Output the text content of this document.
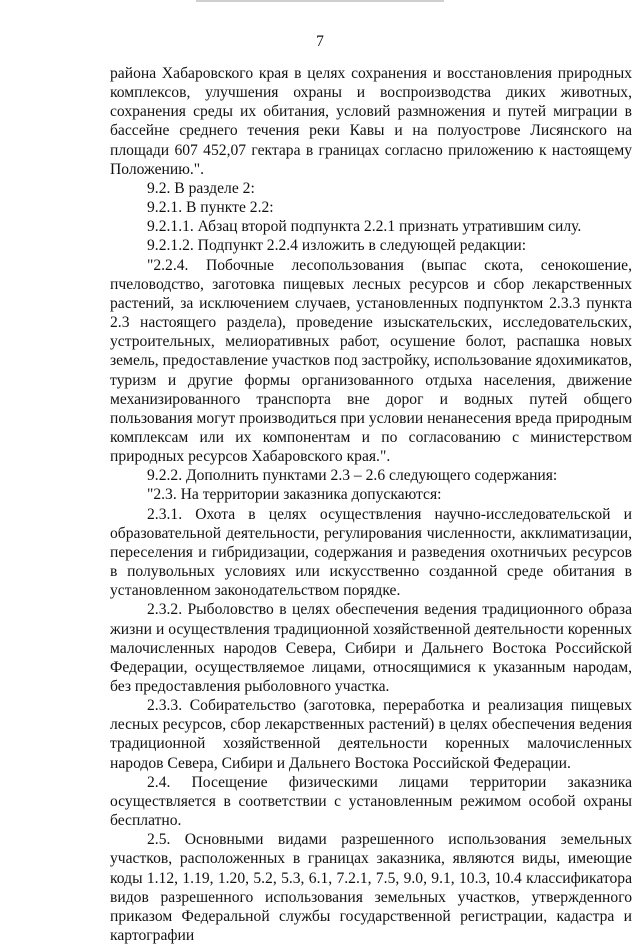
7

района Хабаровского края в целях сохранения и восстановления природных комплексов, улучшения охраны и воспроизводства диких животных, сохранения среды их обитания, условий размножения и путей миграции в бассейне среднего течения реки Кавы и на полуострове Лисянского на площади 607 452,07 гектара в границах согласно приложению к настоящему Положению.".

9.2. В разделе 2:

9.2.1. В пункте 2.2:

9.2.1.1. Абзац второй подпункта 2.2.1 признать утратившим силу.

9.2.1.2. Подпункт 2.2.4 изложить в следующей редакции:

"2.2.4. Побочные лесопользования (выпас скота, сенокошение, пчеловодство, заготовка пищевых лесных ресурсов и сбор лекарственных растений, за исключением случаев, установленных подпунктом 2.3.3 пункта 2.3 настоящего раздела), проведение изыскательских, исследовательских, устроительных, мелиоративных работ, осушение болот, распашка новых земель, предоставление участков под застройку, использование ядохимикатов, туризм и другие формы организованного отдыха населения, движение механизированного транспорта вне дорог и водных путей общего пользования могут производиться при условии ненанесения вреда природным комплексам или их компонентам и по согласованию с министерством природных ресурсов Хабаровского края.".

9.2.2. Дополнить пунктами 2.3 – 2.6 следующего содержания:

"2.3. На территории заказника допускаются:

2.3.1. Охота в целях осуществления научно-исследовательской и образовательной деятельности, регулирования численности, акклиматизации, переселения и гибридизации, содержания и разведения охотничьих ресурсов в полувольных условиях или искусственно созданной среде обитания в установленном законодательством порядке.

2.3.2. Рыболовство в целях обеспечения ведения традиционного образа жизни и осуществления традиционной хозяйственной деятельности коренных малочисленных народов Севера, Сибири и Дальнего Востока Российской Федерации, осуществляемое лицами, относящимися к указанным народам, без предоставления рыболовного участка.

2.3.3. Собирательство (заготовка, переработка и реализация пищевых лесных ресурсов, сбор лекарственных растений) в целях обеспечения ведения традиционной хозяйственной деятельности коренных малочисленных народов Севера, Сибири и Дальнего Востока Российской Федерации.

2.4. Посещение физическими лицами территории заказника осуществляется в соответствии с установленным режимом особой охраны бесплатно.

2.5. Основными видами разрешенного использования земельных участков, расположенных в границах заказника, являются виды, имеющие коды 1.12, 1.19, 1.20, 5.2, 5.3, 6.1, 7.2.1, 7.5, 9.0, 9.1, 10.3, 10.4 классификатора видов разрешенного использования земельных участков, утвержденного приказом Федеральной службы государственной регистрации, кадастра и картографии
